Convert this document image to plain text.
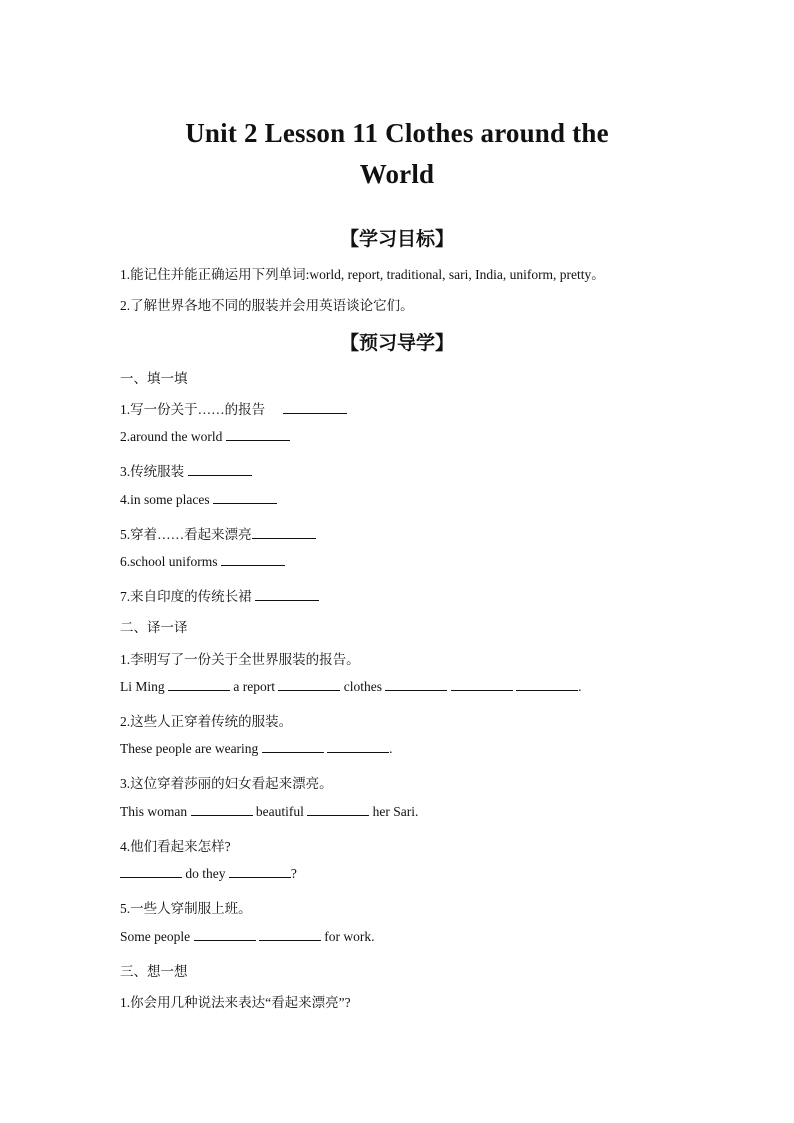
Unit 2 Lesson 11 Clothes around the
World
【学习目标】
1.能记住并能正确运用下列单词:world, report, traditional, sari, India, uniform, pretty。
2.了解世界各地不同的服装并会用英语谈论它们。
【预习导学】
一、填一填
1.写一份关于……的报告
2.around the world
3.传统服装
4.in some places
5.穿着……看起来漂亮
6.school uniforms
7.来自印度的传统长裙
二、译一译
1.李明写了一份关于全世界服装的报告。
Li Ming	a report	clothes	.
2.这些人正穿着传统的服装。
These people are wearing	.
3.这位穿着莎丽的妇女看起来漂亮。
This woman	beautiful	her Sari.
4.他们看起来怎样?
do they	?
5.一些人穿制服上班。
Some people	for work.
三、想一想
1.你会用几种说法来表达“看起来漂亮”?
